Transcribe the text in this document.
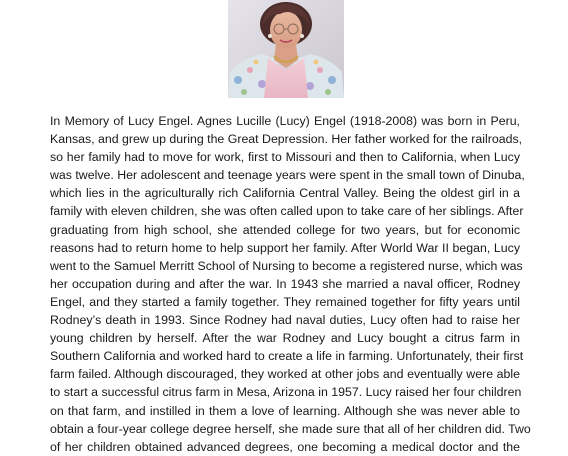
In Memory of Lucy Engel. Agnes Lucille (Lucy) Engel (1918-2008) was born in Peru,
Kansas, and grew up during the Great Depression. Her father worked for the railroads,
so her family had to move for work, first to Missouri and then to California, when Lucy
was twelve. Her adolescent and teenage years were spent in the small town of Dinuba,
which lies in the agriculturally rich California Central Valley. Being the oldest girl in a
family with eleven children, she was often called upon to take care of her siblings. After
graduating from high school, she attended college for two years, but for economic
reasons had to return home to help support her family. After World War II began, Lucy
went to the Samuel Merritt School of Nursing to become a registered nurse, which was
her occupation during and after the war. In 1943 she married a naval officer, Rodney
Engel, and they started a family together. They remained together for fifty years until
Rodney’s death in 1993. Since Rodney had naval duties, Lucy often had to raise her
young children by herself. After the war Rodney and Lucy bought a citrus farm in
Southern California and worked hard to create a life in farming. Unfortunately, their first
farm failed. Although discouraged, they worked at other jobs and eventually were able
to start a successful citrus farm in Mesa, Arizona in 1957. Lucy raised her four children
on that farm, and instilled in them a love of learning. Although she was never able to
obtain a four-year college degree herself, she made sure that all of her children did. Two
of her children obtained advanced degrees, one becoming a medical doctor and the
